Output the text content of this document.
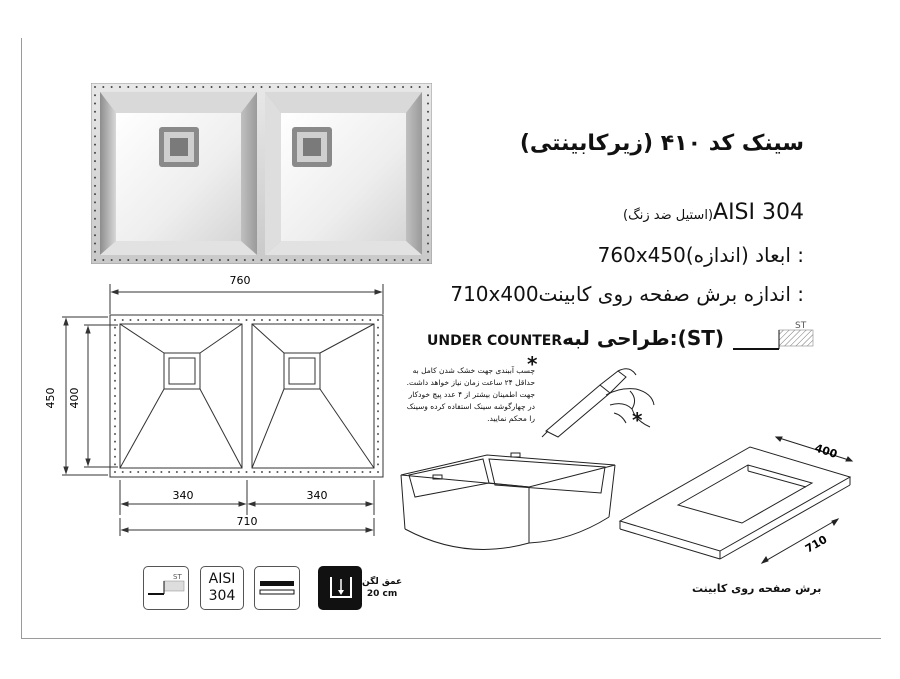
سینک کد ۴۱۰ (زیرکابینتی)
(استیل ضد زنگ)AISI 304
760x450: ابعاد (اندازه)
710x400: اندازه برش صفحه روی کابینت
UNDER COUNTER:طراحی لبه(ST)	ST
760
450 400
340	340
710
*
چسب آببندی جهت خشک شدن کامل به
حداقل ۲۴ ساعت زمان نیاز خواهد داشت.
جهت اطمینان بیشتر از ۴ عدد پیچ خودکار
در چهارگوشه سینک استفاده کرده وسینک
را محکم نمایید.	*
400
710
برش صفحه روی کابینت
ST	AISI
304
عمق لگن
20 cm
